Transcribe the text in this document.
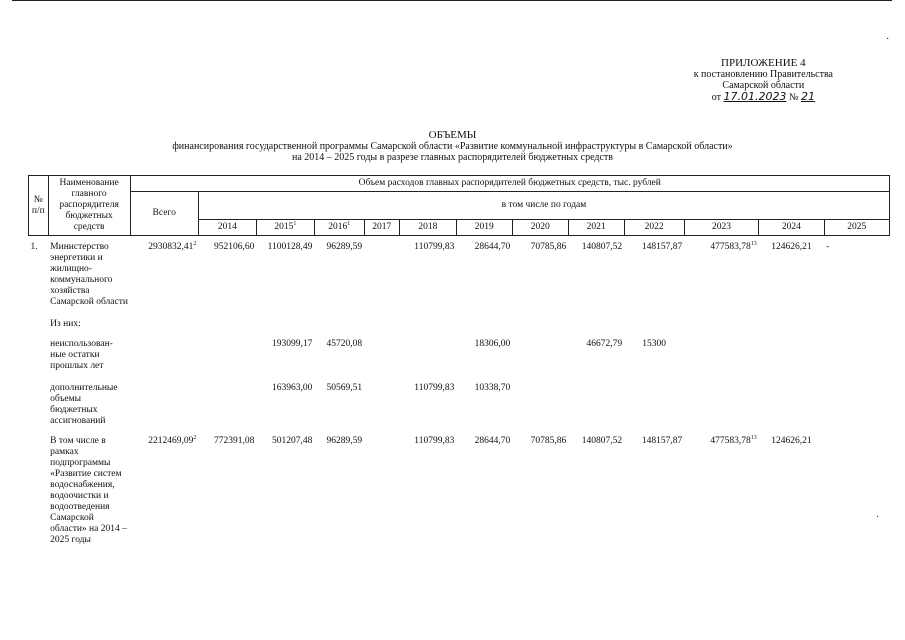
ПРИЛОЖЕНИЕ 4
к постановлению Правительства
Самарской области
от 17.01.2023 № 21
ОБЪЕМЫ
финансирования государственной программы Самарской области «Развитие коммунальной инфраструктуры в Самарской области»
на 2014 – 2025 годы в разрезе главных распорядителей бюджетных средств
№ п/п	Наименование главного распорядителя бюджетных средств	Объем расходов главных распорядителей бюджетных средств, тыс. рублей												
		Всего	в том числе по годам											
			2014	2015$^1$	2016$^1$	2017	2018	2019	2020	2021	2022	2023	2024	2025
1.	Министерство энергетики и жилищно-коммунального хозяйства Самарской области	2930832,41$^2$	952106,60	1100128,49	96289,59		110799,83	28644,70	70785,86	140807,52	148157,87	477583,78$^{13}$	124626,21	-
	Из них:													
	неиспользован-ные остатки прошлых лет			193099,17	45720,08			18306,00		46672,79	15300			
	дополнительные объемы бюджетных ассигнований			163963,00	50569,51		110799,83	10338,70						
	В том числе в рамках подпрограммы «Развитие систем водоснабжения, водоочистки и водоотведения Самарской области» на 2014 – 2025 годы	2212469,09$^2$	772391,08	501207,48	96289,59		110799,83	28644,70	70785,86	140807,52	148157,87	477583,78$^{13}$	124626,21	
·
·
